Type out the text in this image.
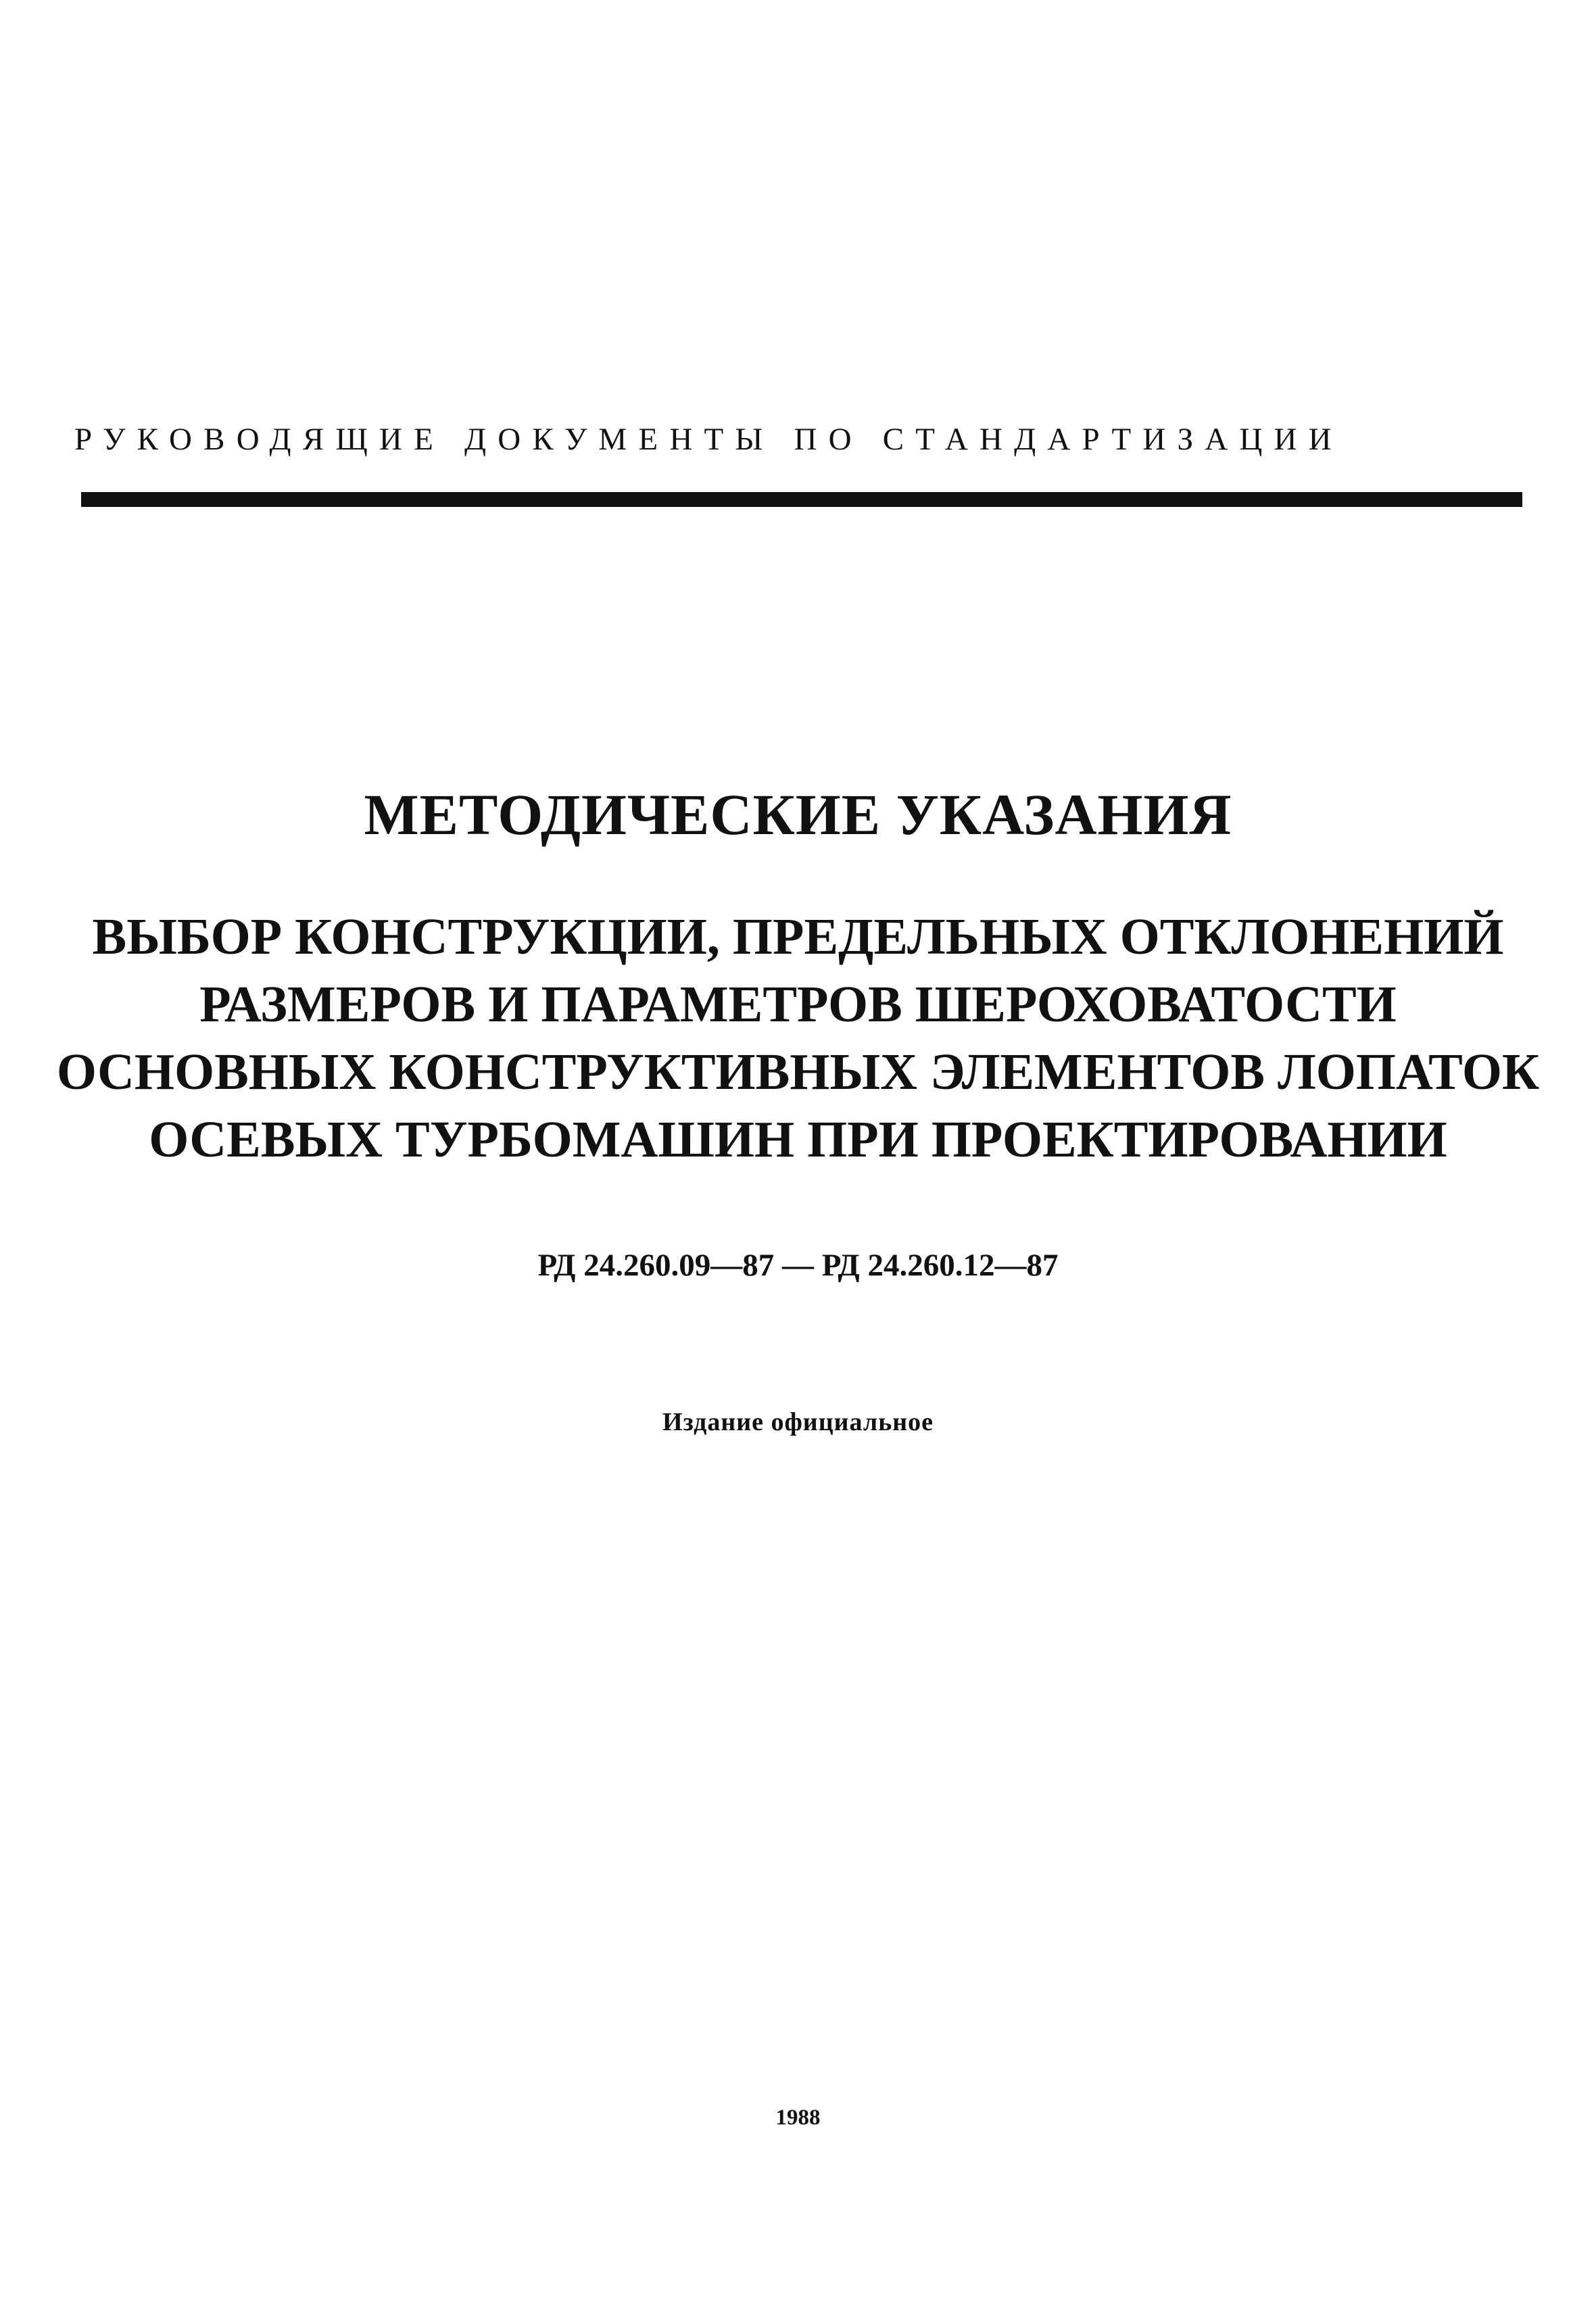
РУКОВОДЯЩИЕ ДОКУМЕНТЫ ПО СТАНДАРТИЗАЦИИ
МЕТОДИЧЕСКИЕ УКАЗАНИЯ
ВЫБОР КОНСТРУКЦИИ, ПРЕДЕЛЬНЫХ ОТКЛОНЕНИЙ
РАЗМЕРОВ И ПАРАМЕТРОВ ШЕРОХОВАТОСТИ
ОСНОВНЫХ КОНСТРУКТИВНЫХ ЭЛЕМЕНТОВ ЛОПАТОК
ОСЕВЫХ ТУРБОМАШИН ПРИ ПРОЕКТИРОВАНИИ
РД 24.260.09—87 — РД 24.260.12—87
Издание официальное
1988
